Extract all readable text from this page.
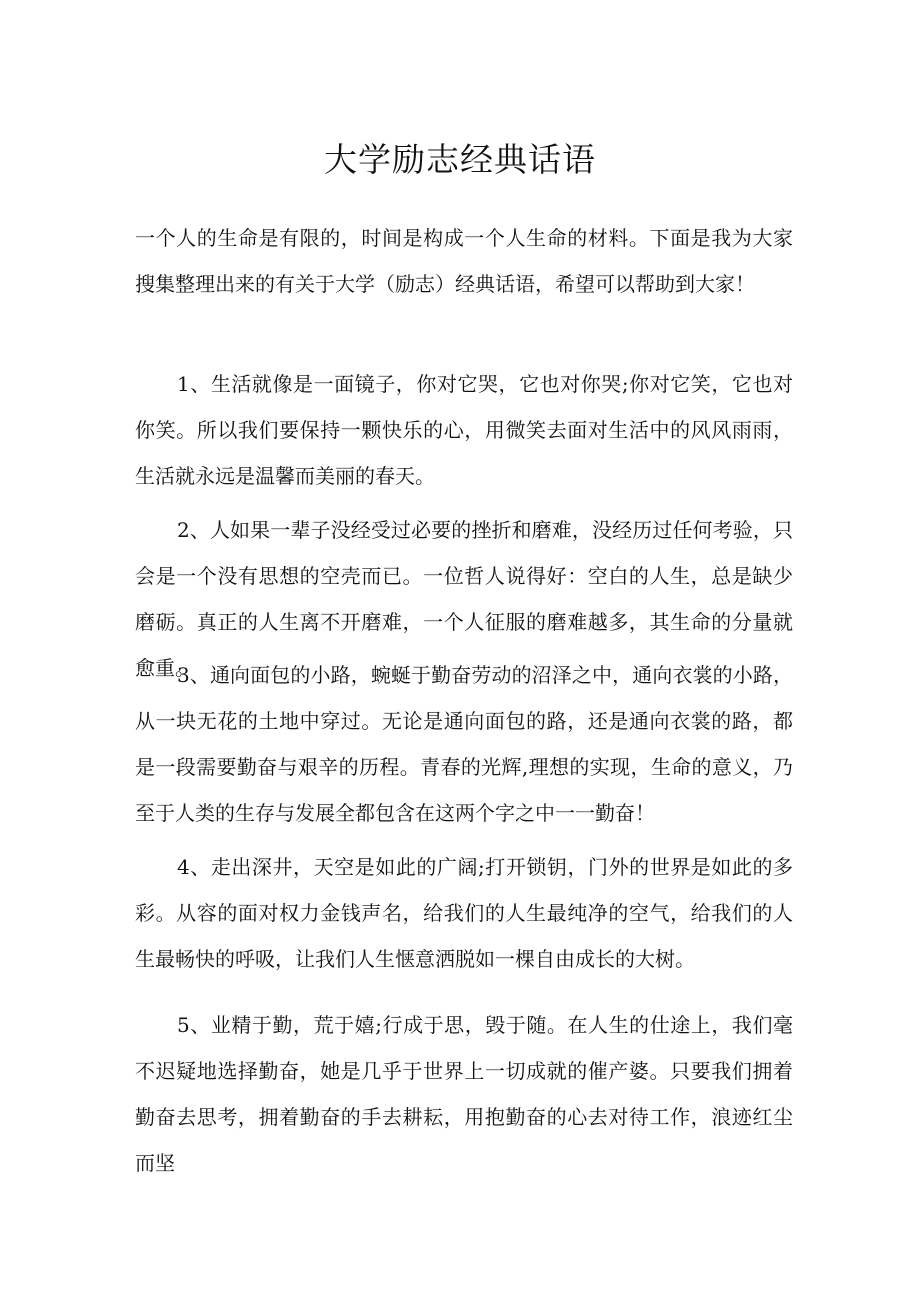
大学励志经典话语

一个人的生命是有限的，时间是构成一个人生命的材料。下面是我为大家搜集整理出来的有关于大学（励志）经典话语，希望可以帮助到大家！

1、生活就像是一面镜子，你对它哭，它也对你哭;你对它笑，它也对你笑。所以我们要保持一颗快乐的心，用微笑去面对生活中的风风雨雨，生活就永远是温馨而美丽的春天。

2、人如果一辈子没经受过必要的挫折和磨难，没经历过任何考验，只会是一个没有思想的空壳而已。一位哲人说得好：空白的人生，总是缺少磨砺。真正的人生离不开磨难，一个人征服的磨难越多，其生命的分量就愈重。

3、通向面包的小路，蜿蜒于勤奋劳动的沼泽之中，通向衣裳的小路，从一块无花的土地中穿过。无论是通向面包的路，还是通向衣裳的路，都是一段需要勤奋与艰辛的历程。青春的光辉,理想的实现，生命的意义，乃至于人类的生存与发展全都包含在这两个字之中一一勤奋！

4、走出深井，天空是如此的广阔;打开锁钥，门外的世界是如此的多彩。从容的面对权力金钱声名，给我们的人生最纯净的空气，给我们的人生最畅快的呼吸，让我们人生惬意洒脱如一棵自由成长的大树。

5、业精于勤，荒于嬉;行成于思，毁于随。在人生的仕途上，我们毫不迟疑地选择勤奋，她是几乎于世界上一切成就的催产婆。只要我们拥着勤奋去思考，拥着勤奋的手去耕耘，用抱勤奋的心去对待工作，浪迹红尘而坚
